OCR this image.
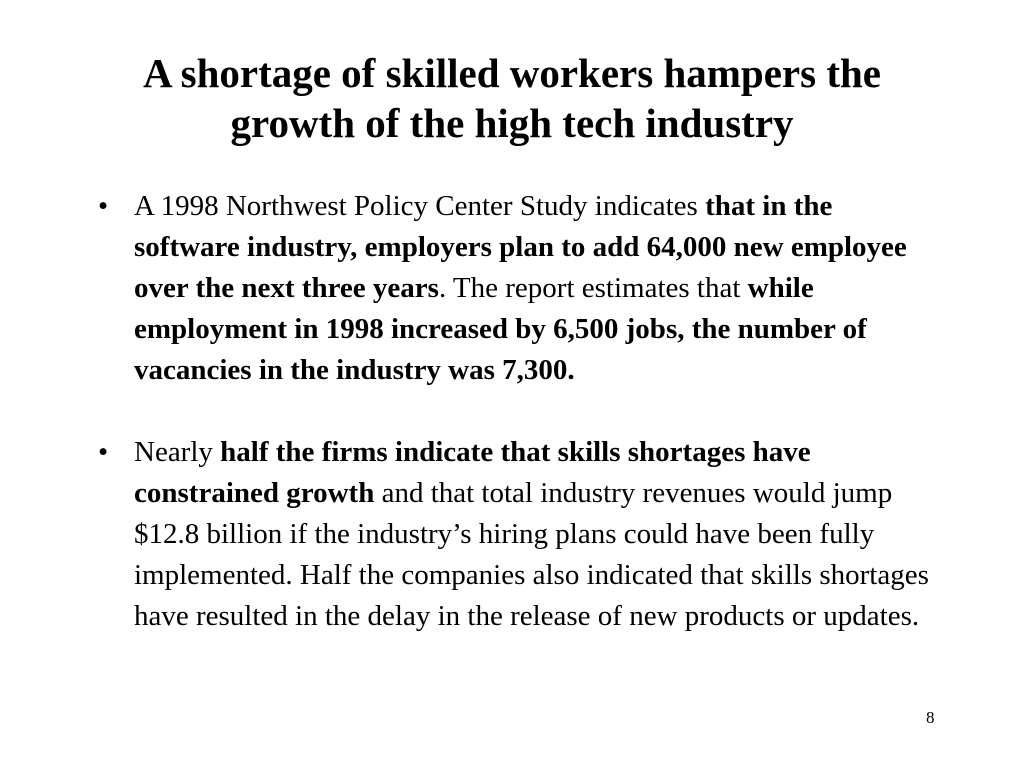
A shortage of skilled workers hampers the
growth of the high tech industry
• A 1998 Northwest Policy Center Study indicates that in the software industry, employers plan to add 64,000 new employee over the next three years. The report estimates that while employment in 1998 increased by 6,500 jobs, the number of vacancies in the industry was 7,300.
• Nearly half the firms indicate that skills shortages have constrained growth and that total industry revenues would jump $12.8 billion if the industry’s hiring plans could have been fully implemented. Half the companies also indicated that skills shortages have resulted in the delay in the release of new products or updates.
8
